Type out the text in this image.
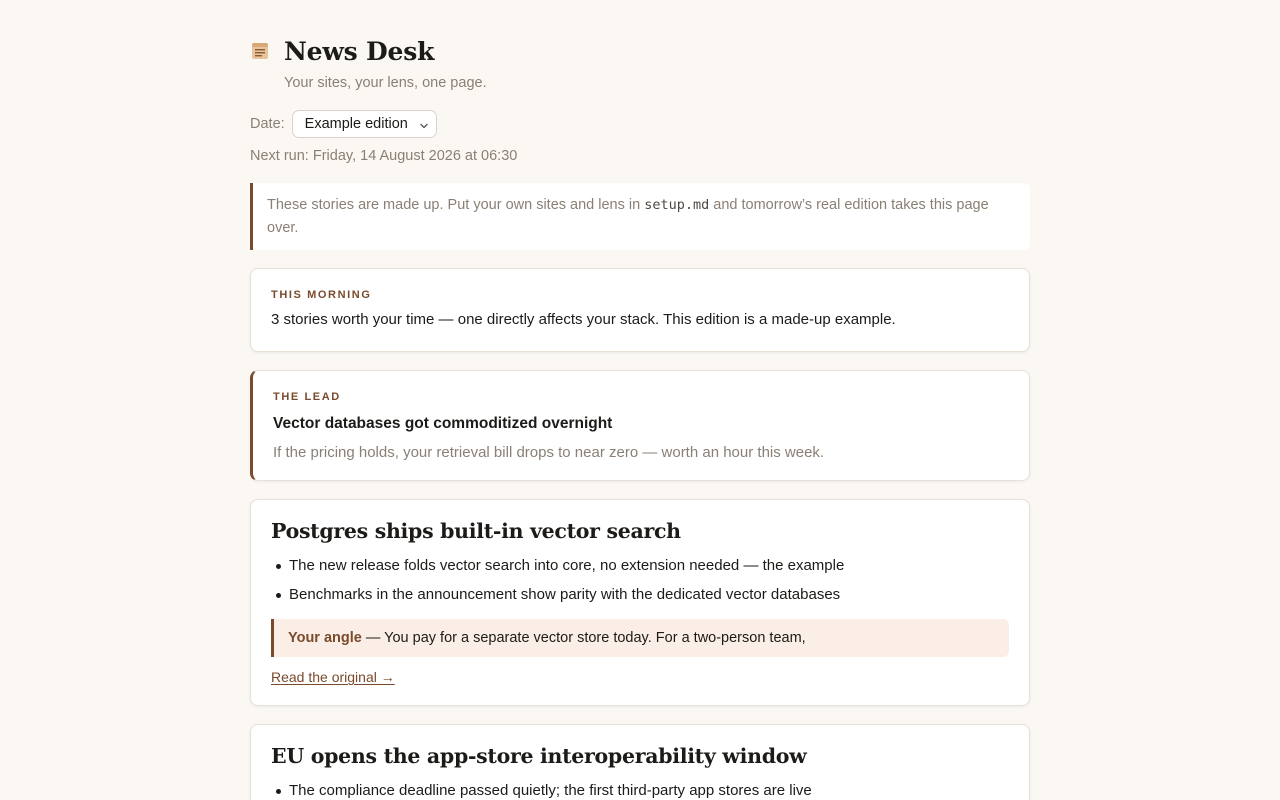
News Desk
Your sites, your lens, one page.
Date: Example edition
Next run: Friday, 14 August 2026 at 06:30
These stories are made up. Put your own sites and lens in setup.md and tomorrow’s real edition takes this page over.
THIS MORNING
3 stories worth your time — one directly affects your stack. This edition is a made-up example.
THE LEAD
Vector databases got commoditized overnight
If the pricing holds, your retrieval bill drops to near zero — worth an hour this week.
Postgres ships built-in vector search
The new release folds vector search into core, no extension needed — the example
Benchmarks in the announcement show parity with the dedicated vector databases
Your angle — You pay for a separate vector store today. For a two-person team,
Read the original →
EU opens the app-store interoperability window
The compliance deadline passed quietly; the first third-party app stores are live
